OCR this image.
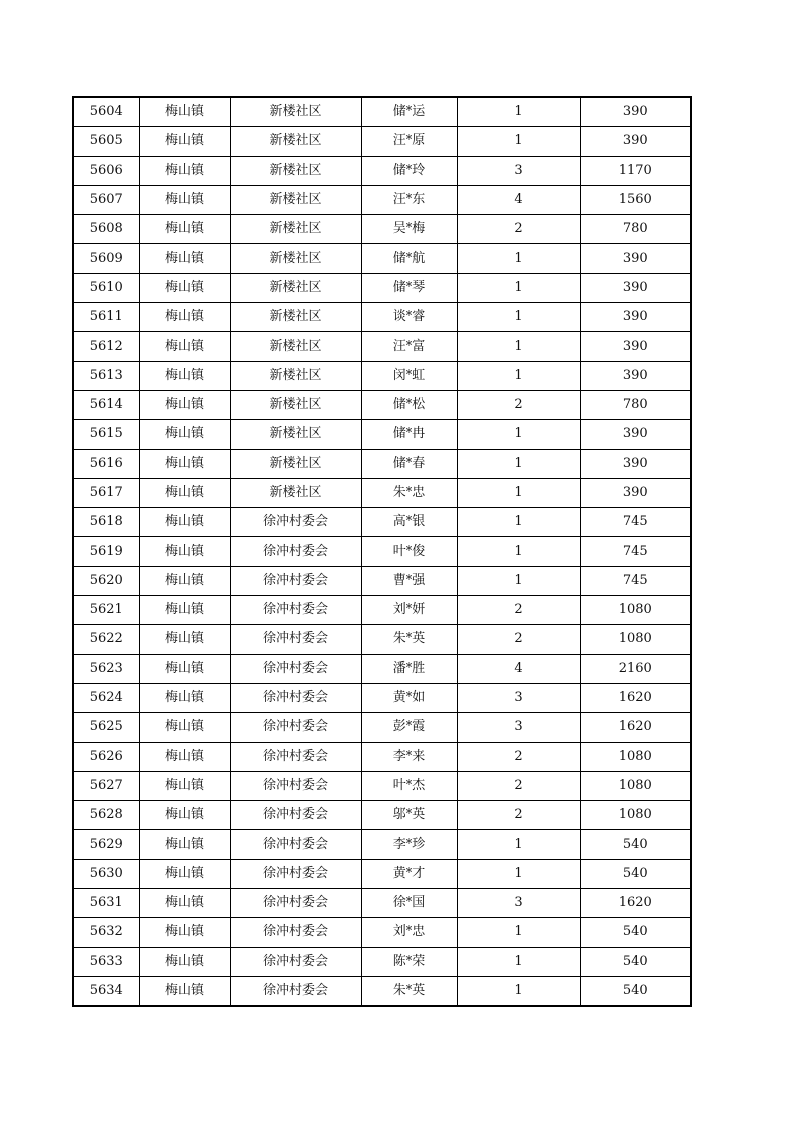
5604	梅山镇	新楼社区	储*运	1	390
5605	梅山镇	新楼社区	汪*原	1	390
5606	梅山镇	新楼社区	储*玲	3	1170
5607	梅山镇	新楼社区	汪*东	4	1560
5608	梅山镇	新楼社区	吴*梅	2	780
5609	梅山镇	新楼社区	储*航	1	390
5610	梅山镇	新楼社区	储*琴	1	390
5611	梅山镇	新楼社区	谈*睿	1	390
5612	梅山镇	新楼社区	汪*富	1	390
5613	梅山镇	新楼社区	闵*虹	1	390
5614	梅山镇	新楼社区	储*松	2	780
5615	梅山镇	新楼社区	储*冉	1	390
5616	梅山镇	新楼社区	储*春	1	390
5617	梅山镇	新楼社区	朱*忠	1	390
5618	梅山镇	徐冲村委会	高*银	1	745
5619	梅山镇	徐冲村委会	叶*俊	1	745
5620	梅山镇	徐冲村委会	曹*强	1	745
5621	梅山镇	徐冲村委会	刘*妍	2	1080
5622	梅山镇	徐冲村委会	朱*英	2	1080
5623	梅山镇	徐冲村委会	潘*胜	4	2160
5624	梅山镇	徐冲村委会	黄*如	3	1620
5625	梅山镇	徐冲村委会	彭*霞	3	1620
5626	梅山镇	徐冲村委会	李*来	2	1080
5627	梅山镇	徐冲村委会	叶*杰	2	1080
5628	梅山镇	徐冲村委会	邬*英	2	1080
5629	梅山镇	徐冲村委会	李*珍	1	540
5630	梅山镇	徐冲村委会	黄*才	1	540
5631	梅山镇	徐冲村委会	徐*国	3	1620
5632	梅山镇	徐冲村委会	刘*忠	1	540
5633	梅山镇	徐冲村委会	陈*荣	1	540
5634	梅山镇	徐冲村委会	朱*英	1	540
